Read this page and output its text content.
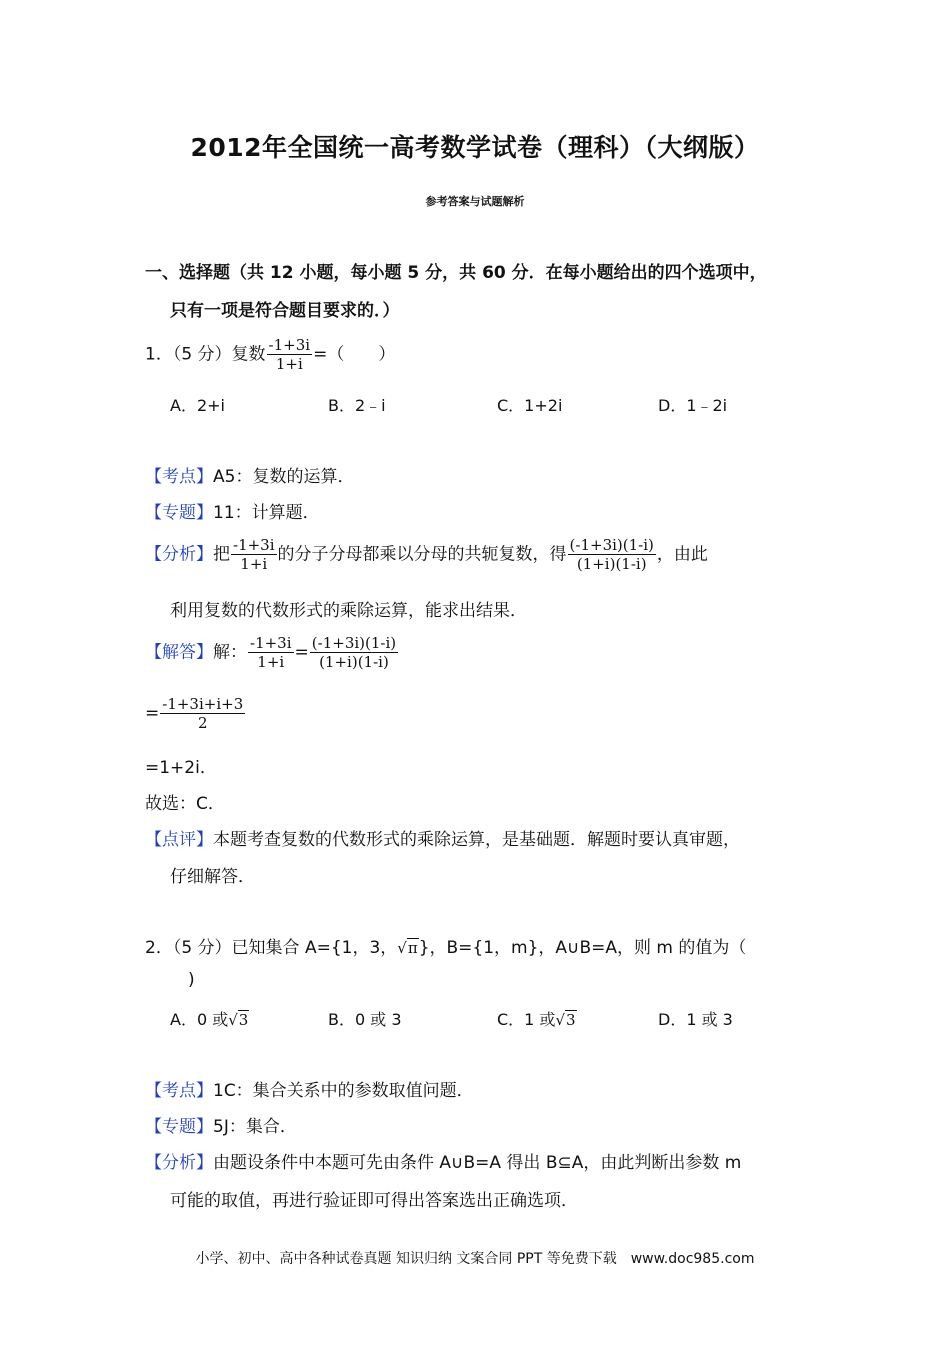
2012年全国统一高考数学试卷（理科）（大纲版）
参考答案与试题解析
一、选择题（共 12 小题，每小题 5 分，共 60 分．在每小题给出的四个选项中，
只有一项是符合题目要求的．）
1．（5 分）复数 $\frac{-1+3i}{1+i}$ =（　　）
A．2+i	B．2﹣i	C．1+2i	D．1﹣2i
【考点】A5：复数的运算．
【专题】11：计算题．
【分析】把 $\frac{-1+3i}{1+i}$ 的分子分母都乘以分母的共轭复数，得 $\frac{(-1+3i)(1-i)}{(1+i)(1-i)}$ ，由此
利用复数的代数形式的乘除运算，能求出结果．
【解答】解： $\frac{-1+3i}{1+i} = \frac{(-1+3i)(1-i)}{(1+i)(1-i)}$
= $\frac{-1+3i+i+3}{2}$
=1+2i．
故选：C．
【点评】本题考查复数的代数形式的乘除运算，是基础题．解题时要认真审题，
仔细解答．
2．（5 分）已知集合 A={1，3，√π}，B={1，m}，A∪B=A，则 m 的值为（
)
A．0 或√3	B．0 或 3	C．1 或√3	D．1 或 3
【考点】1C：集合关系中的参数取值问题．
【专题】5J：集合．
【分析】由题设条件中本题可先由条件 A∪B=A 得出 B⊆A，由此判断出参数 m
可能的取值，再进行验证即可得出答案选出正确选项．
小学、初中、高中各种试卷真题 知识归纳 文案合同 PPT 等免费下载　www.doc985.com
